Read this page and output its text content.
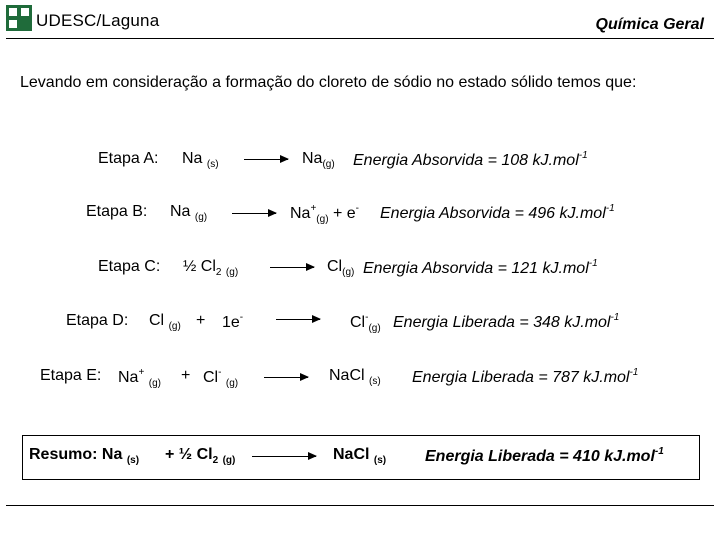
UDESC/Laguna	Química Geral
Levando em consideração a formação do cloreto de sódio no estado sólido temos que:
Etapa A: Na $_{(s)}$	$Na_{(g)}$ Energia Absorvida = 108 kJ.mol$^{-1}$
Etapa B: Na $_{(g)}$	$Na^+_{(g)} + e^-$ Energia Absorvida = 496 kJ.mol$^{-1}$
Etapa C: ½ $Cl_2$ $_{(g)}$	$Cl_{(g)}$ Energia Absorvida = 121 kJ.mol$^{-1}$
Etapa D: Cl $_{(g)}$ + 1e-	$Cl^-_{(g)}$ Energia Liberada = 348 kJ.mol$^{-1}$
Etapa E: Na+ $_{(g)}$ + Cl- $_{(g)}$	NaCl $_{(s)}$ Energia Liberada = 787 kJ.mol$^{-1}$
Resumo: Na $_{(s)}$ + ½ $Cl_2$ $_{(g)}$	NaCl $_{(s)}$ Energia Liberada = 410 kJ.mol$^{-1}$
